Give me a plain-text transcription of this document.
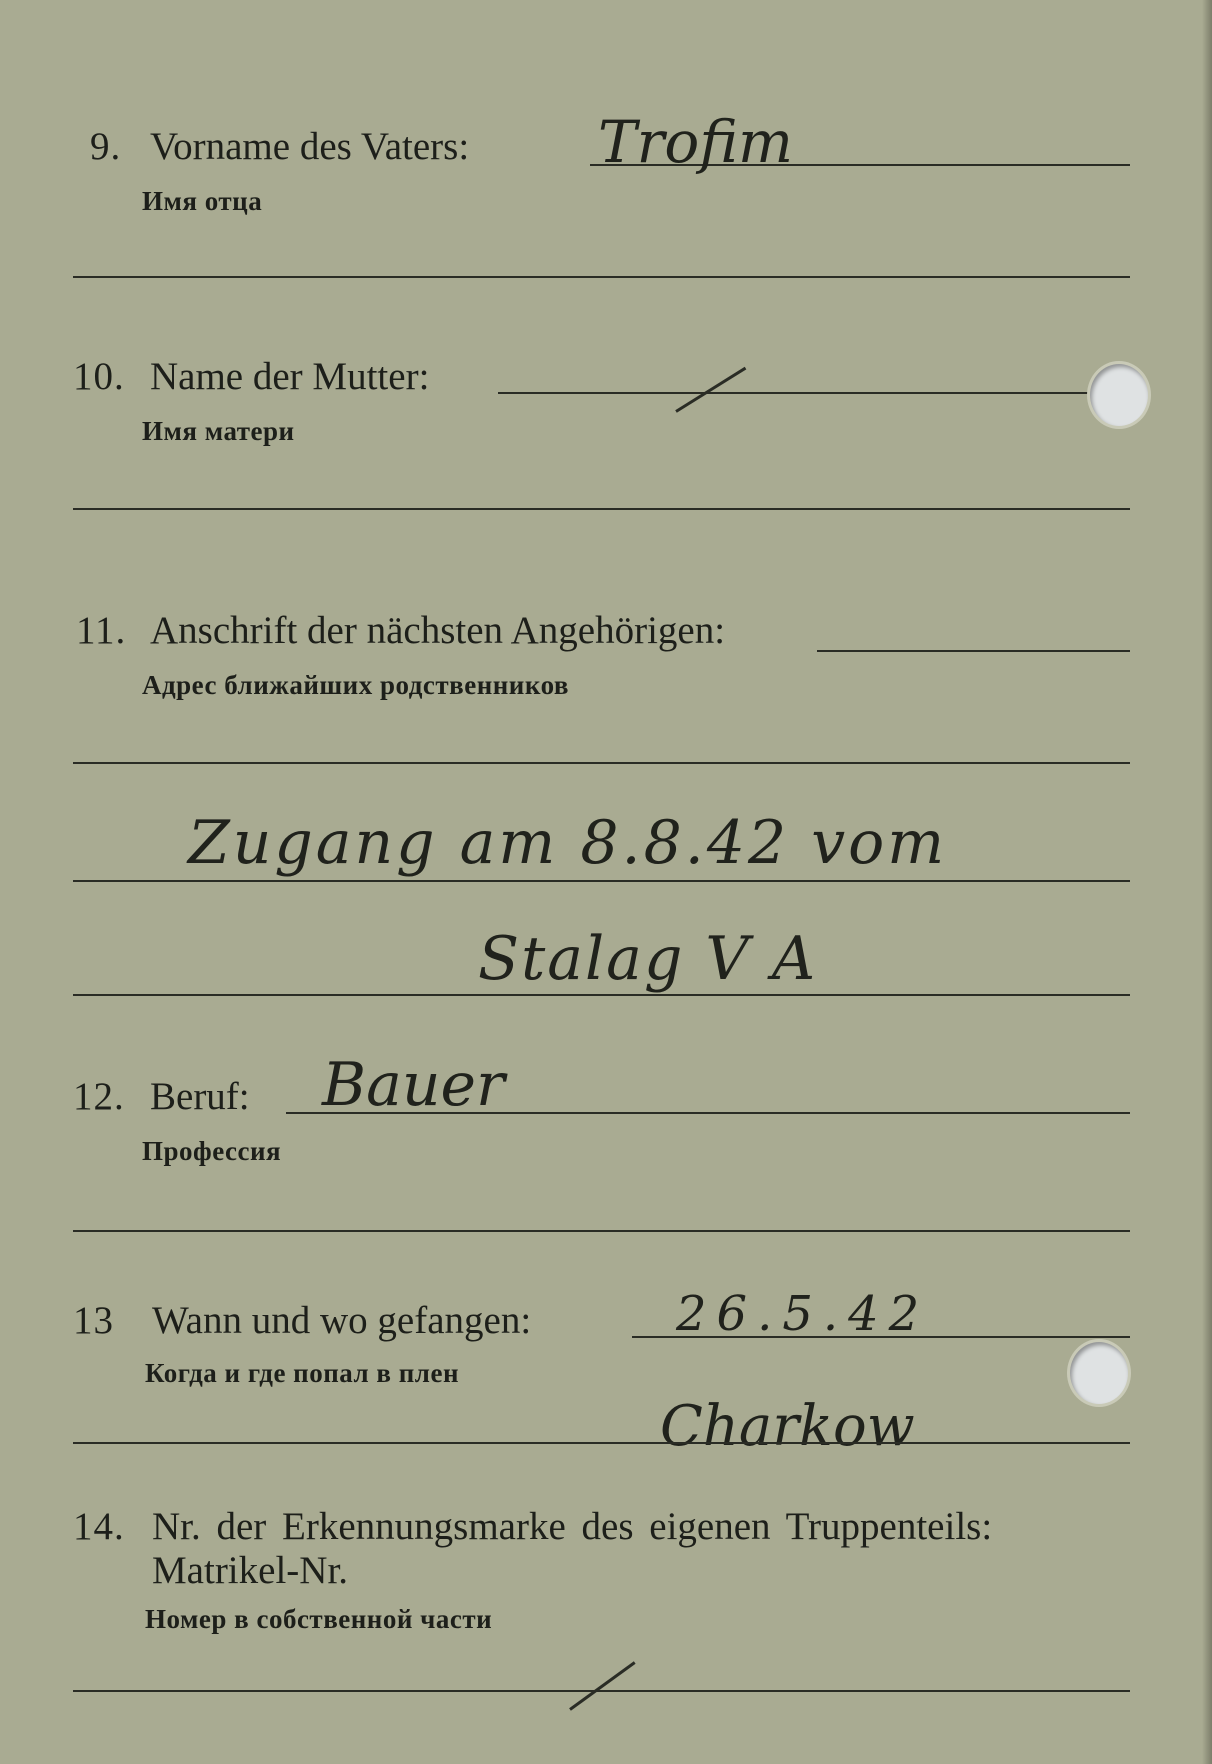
9. Vorname des Vaters: Trofim
Имя отца
10. Name der Mutter:
Имя матери
11. Anschrift der nächsten Angehörigen:
Адрес ближайших родственников
Zugang am 8.8.42 vom
Stalag V A
12. Beruf: Bauer
Профессия
13 Wann und wo gefangen:	26.5.42
Когда и где попал в плен
Charkow
14. Nr. der Erkennungsmarke des eigenen Truppenteils:
Matrikel-Nr.
Номер в собственной части
